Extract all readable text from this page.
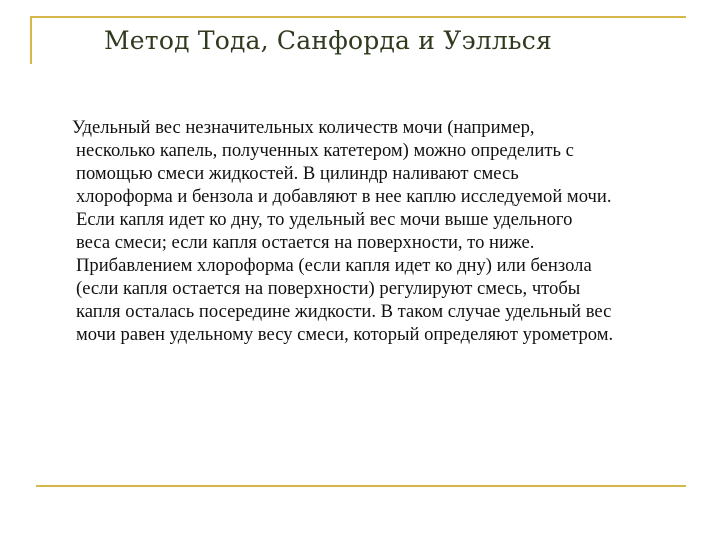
Метод Тода, Санфорда и Уэллься
Удельный вес незначительных количеств мочи (например,
несколько капель, полученных катетером) можно определить с
помощью смеси жидкостей. В цилиндр наливают смесь
хлороформа и бензола и добавляют в нее каплю исследуемой мочи.
Если капля идет ко дну, то удельный вес мочи выше удельного
веса смеси; если капля остается на поверхности, то ниже.
Прибавлением хлороформа (если капля идет ко дну) или бензола
(если капля остается на поверхности) регулируют смесь, чтобы
капля осталась посередине жидкости. В таком случае удельный вес
мочи равен удельному весу смеси, который определяют урометром.
